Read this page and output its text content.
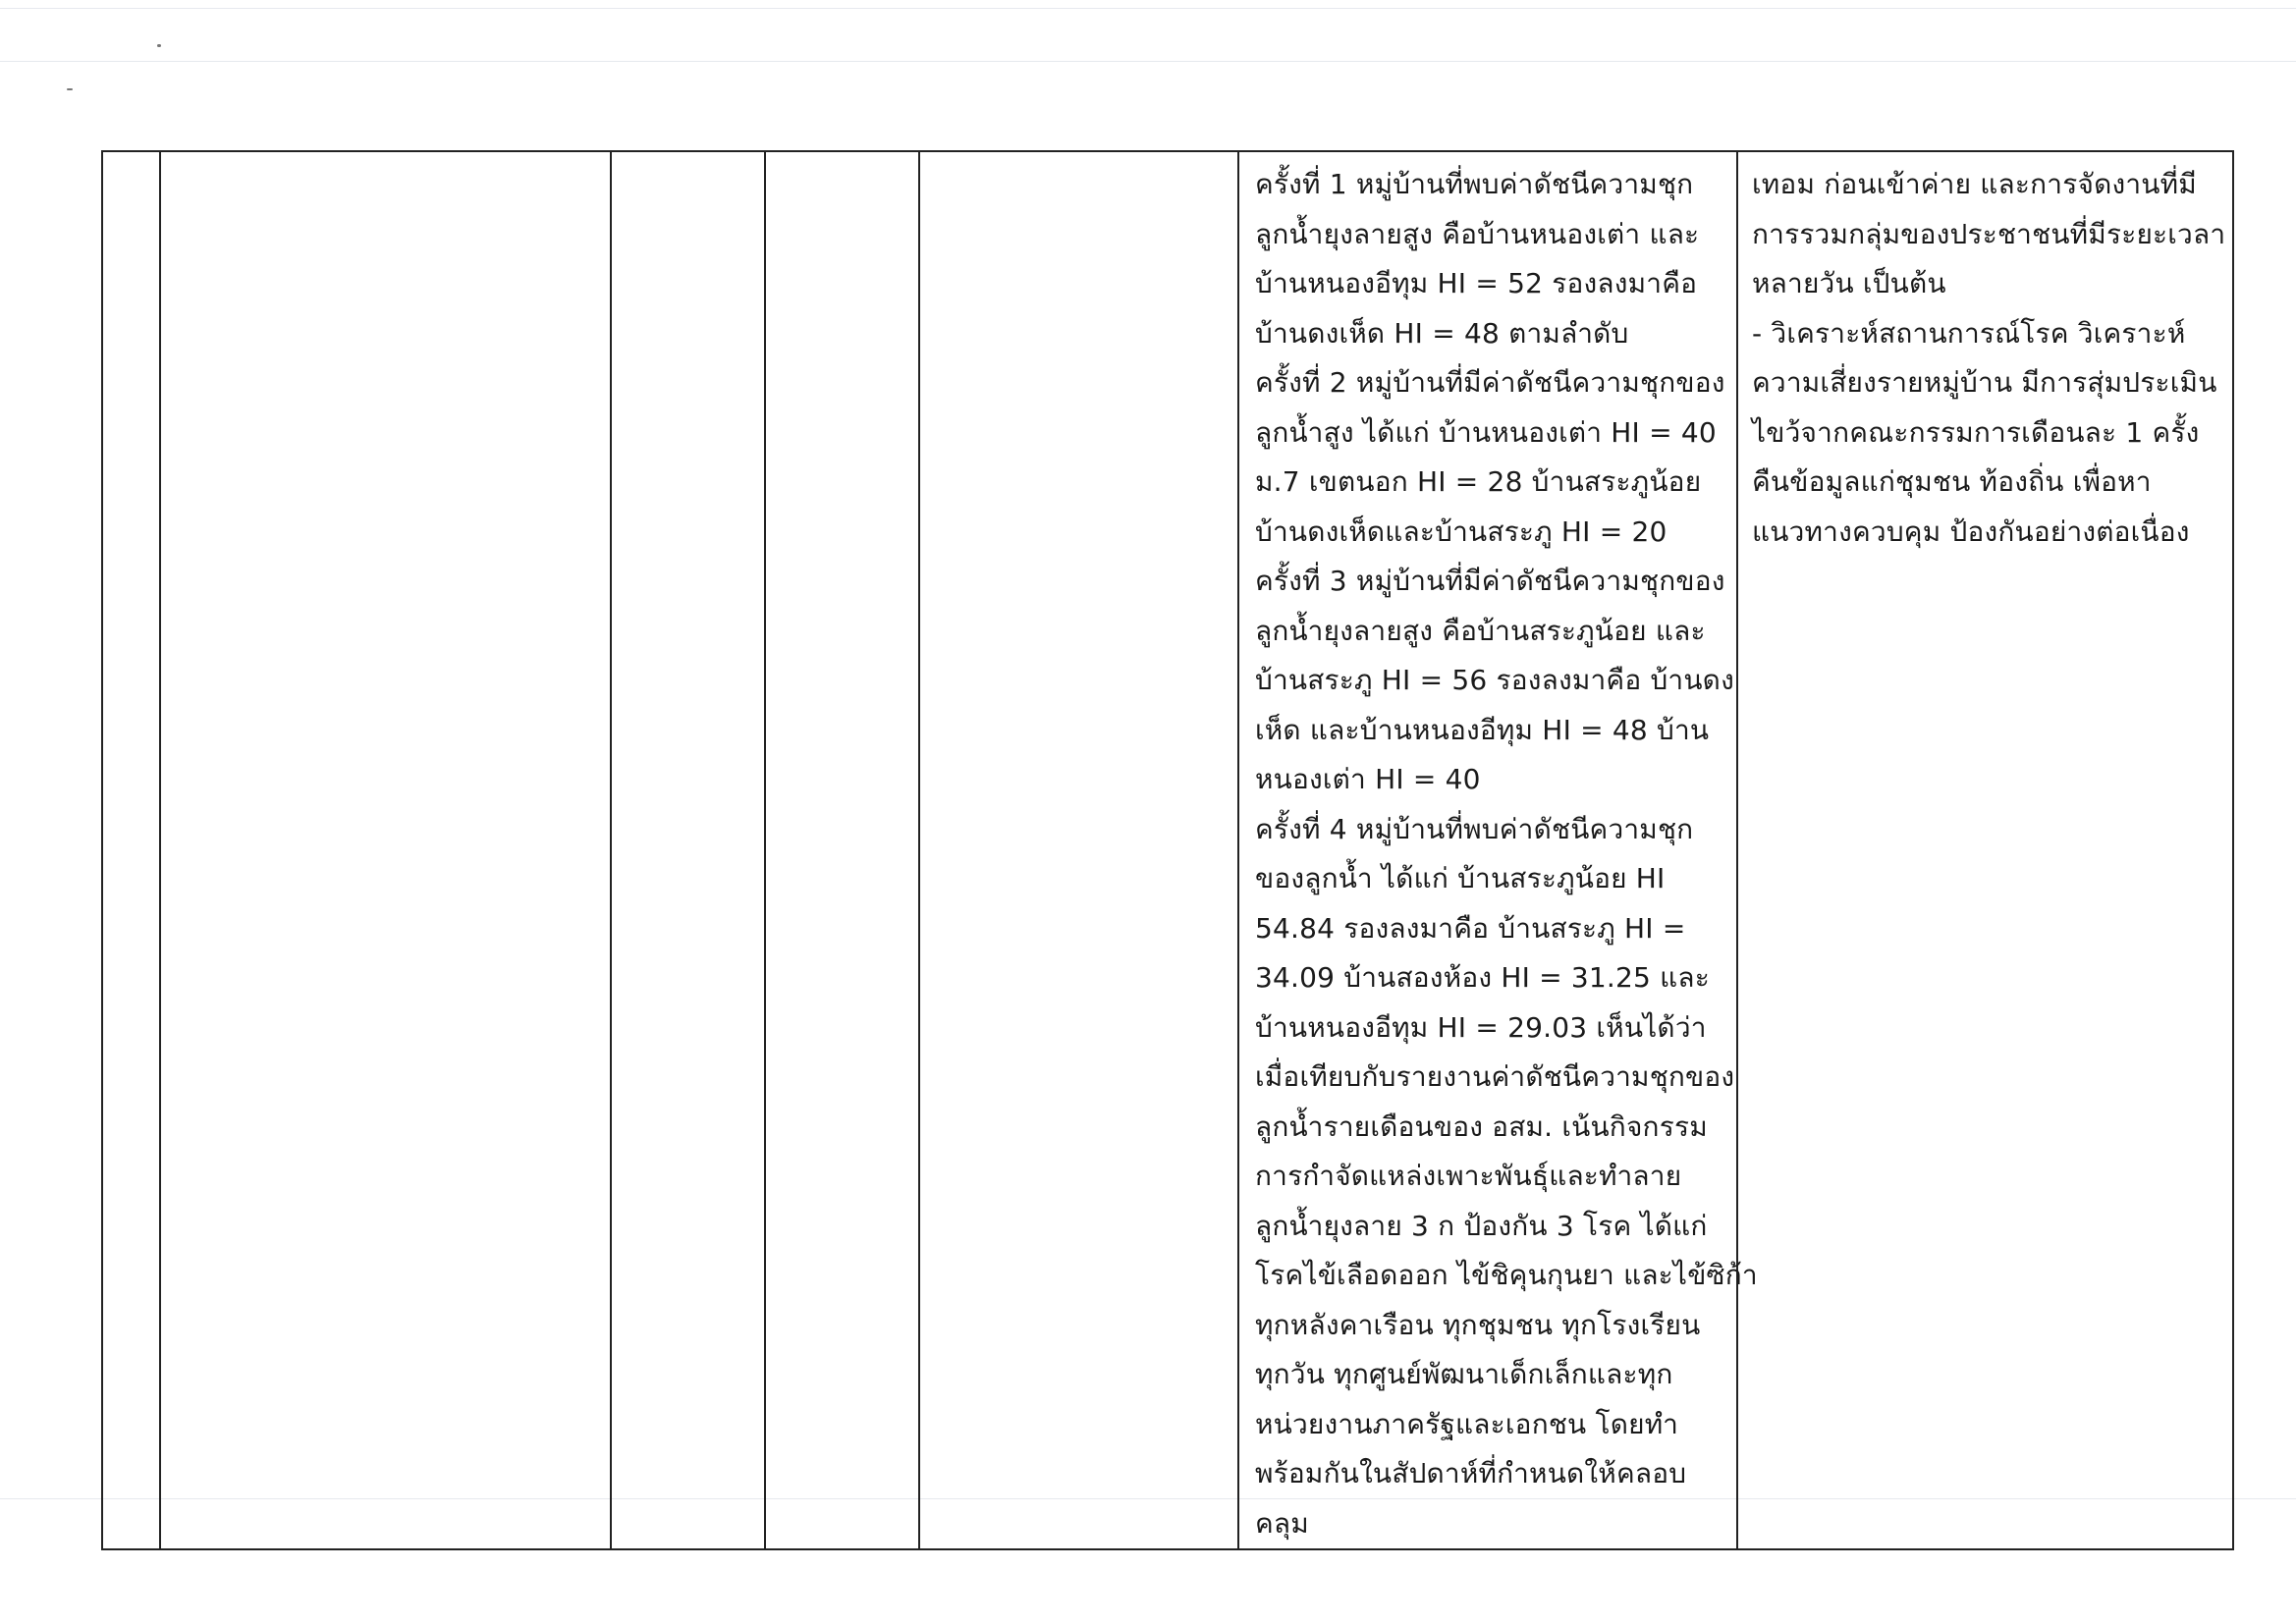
ครั้งที่ 1 หมู่บ้านที่พบค่าดัชนีความชุก
ลูกน้ำยุงลายสูง คือบ้านหนองเต่า และ
บ้านหนองอีทุม HI = 52 รองลงมาคือ
บ้านดงเห็ด HI = 48 ตามลำดับ
ครั้งที่ 2 หมู่บ้านที่มีค่าดัชนีความชุกของ
ลูกน้ำสูง ได้แก่ บ้านหนองเต่า HI = 40
ม.7 เขตนอก HI = 28 บ้านสระภูน้อย
บ้านดงเห็ดและบ้านสระภู HI = 20
ครั้งที่ 3 หมู่บ้านที่มีค่าดัชนีความชุกของ
ลูกน้ำยุงลายสูง คือบ้านสระภูน้อย และ
บ้านสระภู HI = 56 รองลงมาคือ บ้านดง
เห็ด และบ้านหนองอีทุม HI = 48 บ้าน
หนองเต่า HI = 40
ครั้งที่ 4 หมู่บ้านที่พบค่าดัชนีความชุก
ของลูกน้ำ ได้แก่ บ้านสระภูน้อย HI
54.84 รองลงมาคือ บ้านสระภู HI =
34.09 บ้านสองห้อง HI = 31.25 และ
บ้านหนองอีทุม HI = 29.03 เห็นได้ว่า
เมื่อเทียบกับรายงานค่าดัชนีความชุกของ
ลูกน้ำรายเดือนของ อสม. เน้นกิจกรรม
การกำจัดแหล่งเพาะพันธุ์และทำลาย
ลูกน้ำยุงลาย 3 ก ป้องกัน 3 โรค ได้แก่
โรคไข้เลือดออก ไข้ชิคุนกุนยา และไข้ซิก้า
ทุกหลังคาเรือน ทุกชุมชน ทุกโรงเรียน
ทุกวัน ทุกศูนย์พัฒนาเด็กเล็กและทุก
หน่วยงานภาครัฐและเอกชน โดยทำ
พร้อมกันในสัปดาห์ที่กำหนดให้คลอบ
คลุม

เทอม ก่อนเข้าค่าย และการจัดงานที่มี
การรวมกลุ่มของประชาชนที่มีระยะเวลา
หลายวัน เป็นต้น
- วิเคราะห์สถานการณ์โรค วิเคราะห์
ความเสี่ยงรายหมู่บ้าน มีการสุ่มประเมิน
ไขว้จากคณะกรรมการเดือนละ 1 ครั้ง
คืนข้อมูลแก่ชุมชน ท้องถิ่น เพื่อหา
แนวทางควบคุม ป้องกันอย่างต่อเนื่อง
